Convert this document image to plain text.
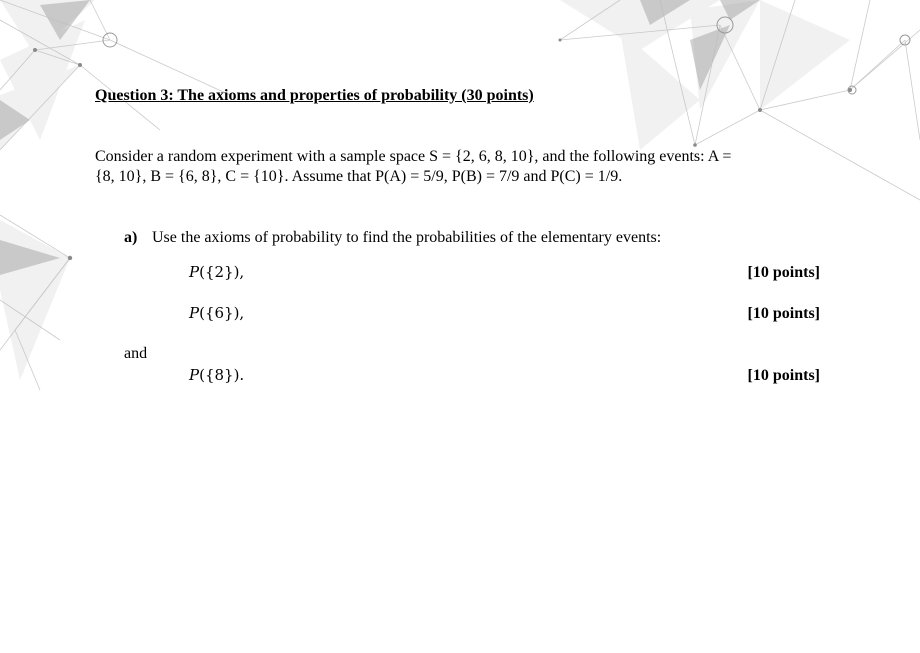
Question 3: The axioms and properties of probability (30 points)
Consider a random experiment with a sample space S = {2, 6, 8, 10}, and the following events: A =
{8, 10}, B = {6, 8}, C = {10}. Assume that P(A) = 5/9, P(B) = 7/9 and P(C) = 1/9.
a) Use the axioms of probability to find the probabilities of the elementary events:
P({2}),	[10 points]
P({6}),	[10 points]
and
P({8}).	[10 points]
